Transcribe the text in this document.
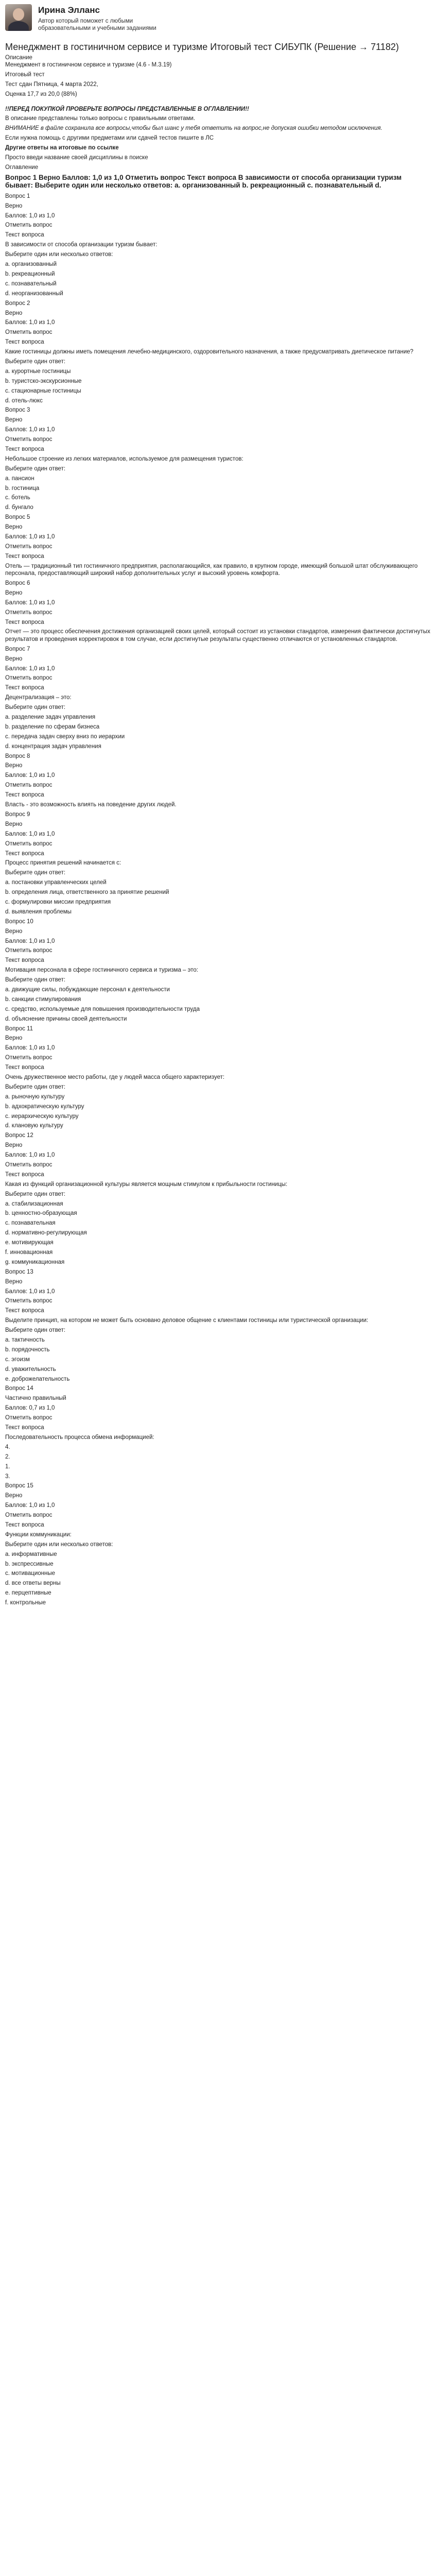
Ирина Элланс
Автор который поможет с любыми образовательными и учебными заданиями
Менеджмент в гостиничном сервисе и туризме Итоговый тест СИБУПК (Решение → 71182)

Описание

Менеджмент в гостиничном сервисе и туризме (4.6 - М.3.19)

Итоговый тест

Тест сдан Пятница, 4 марта 2022,

Оценка 17,7 из 20,0 (88%)

!!ПЕРЕД ПОКУПКОЙ ПРОВЕРЬТЕ ВОПРОСЫ ПРЕДСТАВЛЕННЫЕ В ОГЛАВЛЕНИИ!!

В описание представлены только вопросы с правильными ответами.

ВНИМАНИЕ в файле сохранила все вопросы,чтобы был шанс у тебя ответить на вопрос,не допуская ошибки методом исключения.

Если нужна помощь с другими предметами или сдачей тестов пишите в ЛС

Другие ответы на итоговые по ссылке

Просто введи название своей дисциплины в поиске

Оглавление

Вопрос 1 Верно Баллов: 1,0 из 1,0 Отметить вопрос Текст вопроса В зависимости от способа организации туризм бывает: Выберите один или несколько ответов: a. организованный b. рекреационный c. познавательный d.

Вопрос 1

Верно

Баллов: 1,0 из 1,0

Отметить вопрос

Текст вопроса

В зависимости от способа организации туризм бывает:

Выберите один или несколько ответов:

a. организованный

b. рекреационный

c. познавательный

d. неорганизованный

Вопрос 2

Верно

Баллов: 1,0 из 1,0

Отметить вопрос

Текст вопроса

Какие гостиницы должны иметь помещения лечебно-медицинского, оздоровительного назначения, а также предусматривать диетическое питание?

Выберите один ответ:

a. курортные гостиницы

b. туристско-экскурсионные

c. стационарные гостиницы

d. отель-люкс

Вопрос 3

Верно

Баллов: 1,0 из 1,0

Отметить вопрос

Текст вопроса

Небольшое строение из легких материалов, используемое для размещения туристов:

Выберите один ответ:

a. пансион

b. гостиница

c. ботель

d. бунгало

Вопрос 5

Верно

Баллов: 1,0 из 1,0

Отметить вопрос

Текст вопроса

Отель — традиционный тип гостиничного предприятия, располагающийся, как правило, в крупном городе, имеющий большой штат обслуживающего персонала, предоставляющий широкий набор дополнительных услуг и высокий уровень комфорта.

Вопрос 6

Верно

Баллов: 1,0 из 1,0

Отметить вопрос

Текст вопроса

Отчет — это процесс обеспечения достижения организацией своих целей, который состоит из установки стандартов, измерения фактически достигнутых результатов и проведения корректировок в том случае, если достигнутые результаты существенно отличаются от установленных стандартов.

Вопрос 7

Верно

Баллов: 1,0 из 1,0

Отметить вопрос

Текст вопроса

Децентрализация – это:

Выберите один ответ:

a. разделение задач управления

b. разделение по сферам бизнеса

c. передача задач сверху вниз по иерархии

d. концентрация задач управления

Вопрос 8

Верно

Баллов: 1,0 из 1,0

Отметить вопрос

Текст вопроса

Власть - это возможность влиять на поведение других людей.

Вопрос 9

Верно

Баллов: 1,0 из 1,0

Отметить вопрос

Текст вопроса

Процесс принятия решений начинается с:

Выберите один ответ:

a. постановки управленческих целей

b. определения лица, ответственного за принятие решений

c. формулировки миссии предприятия

d. выявления проблемы

Вопрос 10

Верно

Баллов: 1,0 из 1,0

Отметить вопрос

Текст вопроса

Мотивация персонала в сфере гостиничного сервиса и туризма – это:

Выберите один ответ:

a. движущие силы, побуждающие персонал к деятельности

b. санкции стимулирования

c. средство, используемые для повышения производительности труда

d. объяснение причины своей деятельности

Вопрос 11

Верно

Баллов: 1,0 из 1,0

Отметить вопрос

Текст вопроса

Очень дружественное место работы, где у людей масса общего характеризует:

Выберите один ответ:

a. рыночную культуру

b. адхократическую культуру

c. иерархическую культуру

d. клановую культуру

Вопрос 12

Верно

Баллов: 1,0 из 1,0

Отметить вопрос

Текст вопроса

Какая из функций организационной культуры является мощным стимулом к прибыльности гостиницы:

Выберите один ответ:

a. стабилизационная

b. ценностно-образующая

c. познавательная

d. нормативно-регулирующая

e. мотивирующая

f. инновационная

g. коммуникационная

Вопрос 13

Верно

Баллов: 1,0 из 1,0

Отметить вопрос

Текст вопроса

Выделите принцип, на котором не может быть основано деловое общение с клиентами гостиницы или туристической организации:

Выберите один ответ:

a. тактичность

b. порядочность

c. эгоизм

d. уважительность

e. доброжелательность

Вопрос 14

Частично правильный

Баллов: 0,7 из 1,0

Отметить вопрос

Текст вопроса

Последовательность процесса обмена информацией:

4.

2.

1.

3.

Вопрос 15

Верно

Баллов: 1,0 из 1,0

Отметить вопрос

Текст вопроса

Функции коммуникации:

Выберите один или несколько ответов:

a. информативные

b. экспрессивные

c. мотивационные

d. все ответы верны

e. перцептивные

f. контрольные
